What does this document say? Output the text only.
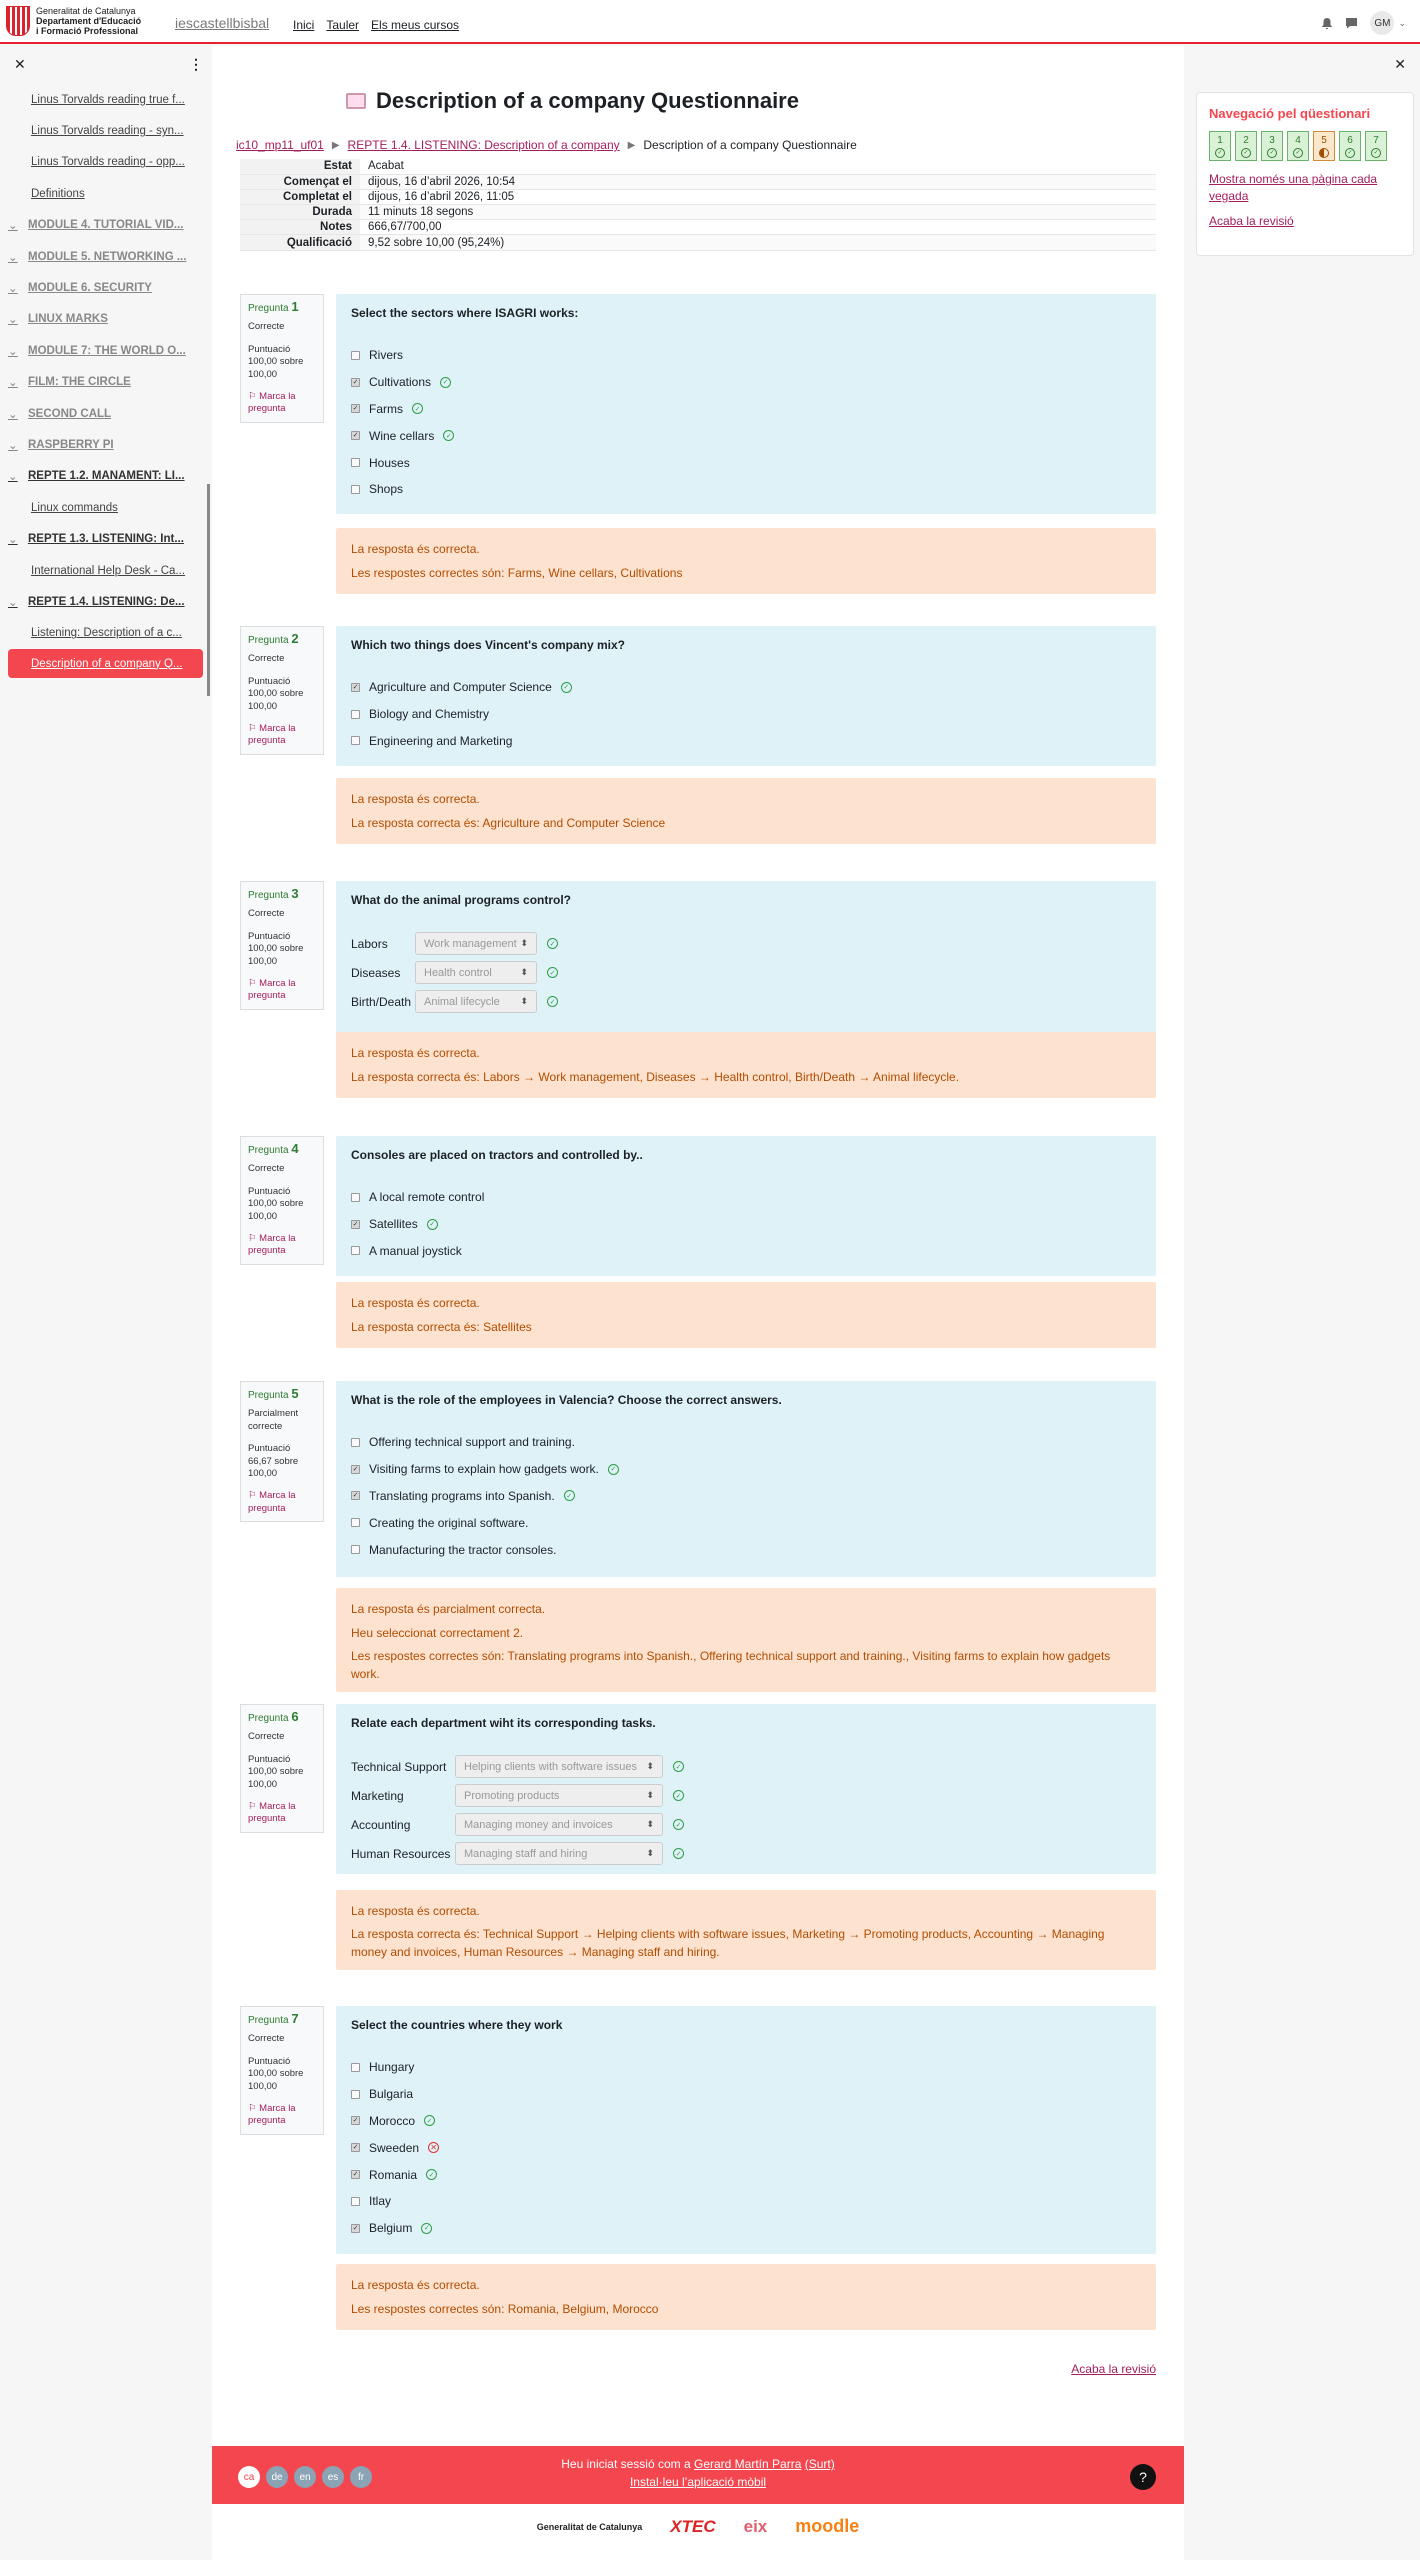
Generalitat de Catalunya
Departament d'Educació
i Formació Professional	iescastellbisbal Inici Tauler Els meus cursos	GM ⌄
✕	⋮
Linus Torvalds reading true f...
Linus Torvalds reading - syn...
Linus Torvalds reading - opp...
Definitions
⌄ MODULE 4. TUTORIAL VID...
⌄ MODULE 5. NETWORKING ...
⌄ MODULE 6. SECURITY
⌄ LINUX MARKS
⌄ MODULE 7: THE WORLD O...
⌄ FILM: THE CIRCLE
⌄ SECOND CALL
⌄ RASPBERRY PI
⌄ REPTE 1.2. MANAMENT: LI...
Linux commands
⌄ REPTE 1.3. LISTENING: Int...
International Help Desk - Ca...
⌄ REPTE 1.4. LISTENING: De...
Listening: Description of a c...
Description of a company Q...
Description of a company Questionnaire
ic10_mp11_uf01 ▶ REPTE 1.4. LISTENING: Description of a company ▶ Description of a company Questionnaire
Estat	Acabat
Començat el	dijous, 16 d’abril 2026, 10:54
Completat el	dijous, 16 d’abril 2026, 11:05
Durada	11 minuts 18 segons
Notes	666,67/700,00
Qualificació	9,52 sobre 10,00 (95,24%)
Pregunta 1
Correcte
Puntuació 100,00 sobre 100,00
⚐ Marca la pregunta
Select the sectors where ISAGRI works:
Rivers
✓ Cultivations	✓
✓ Farms	✓
✓ Wine cellars	✓
Houses
Shops
La resposta és correcta.
Les respostes correctes són: Farms, Wine cellars, Cultivations
Pregunta 2
Correcte
Puntuació 100,00 sobre 100,00
⚐ Marca la pregunta
Which two things does Vincent's company mix?
✓ Agriculture and Computer Science	✓
Biology and Chemistry
Engineering and Marketing
La resposta és correcta.
La resposta correcta és: Agriculture and Computer Science
Pregunta 3
Correcte
Puntuació 100,00 sobre 100,00
⚐ Marca la pregunta
What do the animal programs control?
Labors	Work management ⬍	✓
Diseases	Health control	⬍	✓
Birth/Death	Animal lifecycle ⬍	✓
La resposta és correcta.
La resposta correcta és: Labors → Work management, Diseases → Health control, Birth/Death → Animal lifecycle.
Pregunta 4
Correcte
Puntuació 100,00 sobre 100,00
⚐ Marca la pregunta
Consoles are placed on tractors and controlled by..
A local remote control
✓ Satellites	✓
A manual joystick
La resposta és correcta.
La resposta correcta és: Satellites
Pregunta 5
Parcialment correcte
Puntuació 66,67 sobre 100,00
⚐ Marca la pregunta
What is the role of the employees in Valencia? Choose the correct answers.
Offering technical support and training.
✓ Visiting farms to explain how gadgets work.	✓
✓ Translating programs into Spanish.	✓
Creating the original software.
Manufacturing the tractor consoles.
La resposta és parcialment correcta.
Heu seleccionat correctament 2.
Les respostes correctes són: Translating programs into Spanish., Offering technical support and training., Visiting farms to explain how gadgets work.
Pregunta 6
Correcte
Puntuació 100,00 sobre 100,00
⚐ Marca la pregunta
Relate each department wiht its corresponding tasks.
Technical Support	Helping clients with software issues ⬍	✓
Marketing	Promoting products	⬍	✓
Accounting	Managing money and invoices	⬍	✓
Human Resources	Managing staff and hiring	⬍	✓
La resposta és correcta.
La resposta correcta és: Technical Support → Helping clients with software issues, Marketing → Promoting products, Accounting → Managing money and invoices, Human Resources → Managing staff and hiring.
Pregunta 7
Correcte
Puntuació 100,00 sobre 100,00
⚐ Marca la pregunta
Select the countries where they work
Hungary
Bulgaria
✓ Morocco	✓
✓ Sweeden ✕
✓ Romania	✓
Itlay
✓ Belgium	✓
La resposta és correcta.
Les respostes correctes són: Romania, Belgium, Morocco
Acaba la revisió
ca	de	en	es	fr
Heu iniciat sessió com a Gerard Martín Parra (Surt)
Instal·leu l’aplicació mòbil	?
Generalitat de Catalunya XTEC eix moodle
✕
Navegació pel qüestionari
1
✓
2
✓
3
✓
4
✓
5	6
✓
7
✓
Mostra només una pàgina cada vegada
Acaba la revisió
